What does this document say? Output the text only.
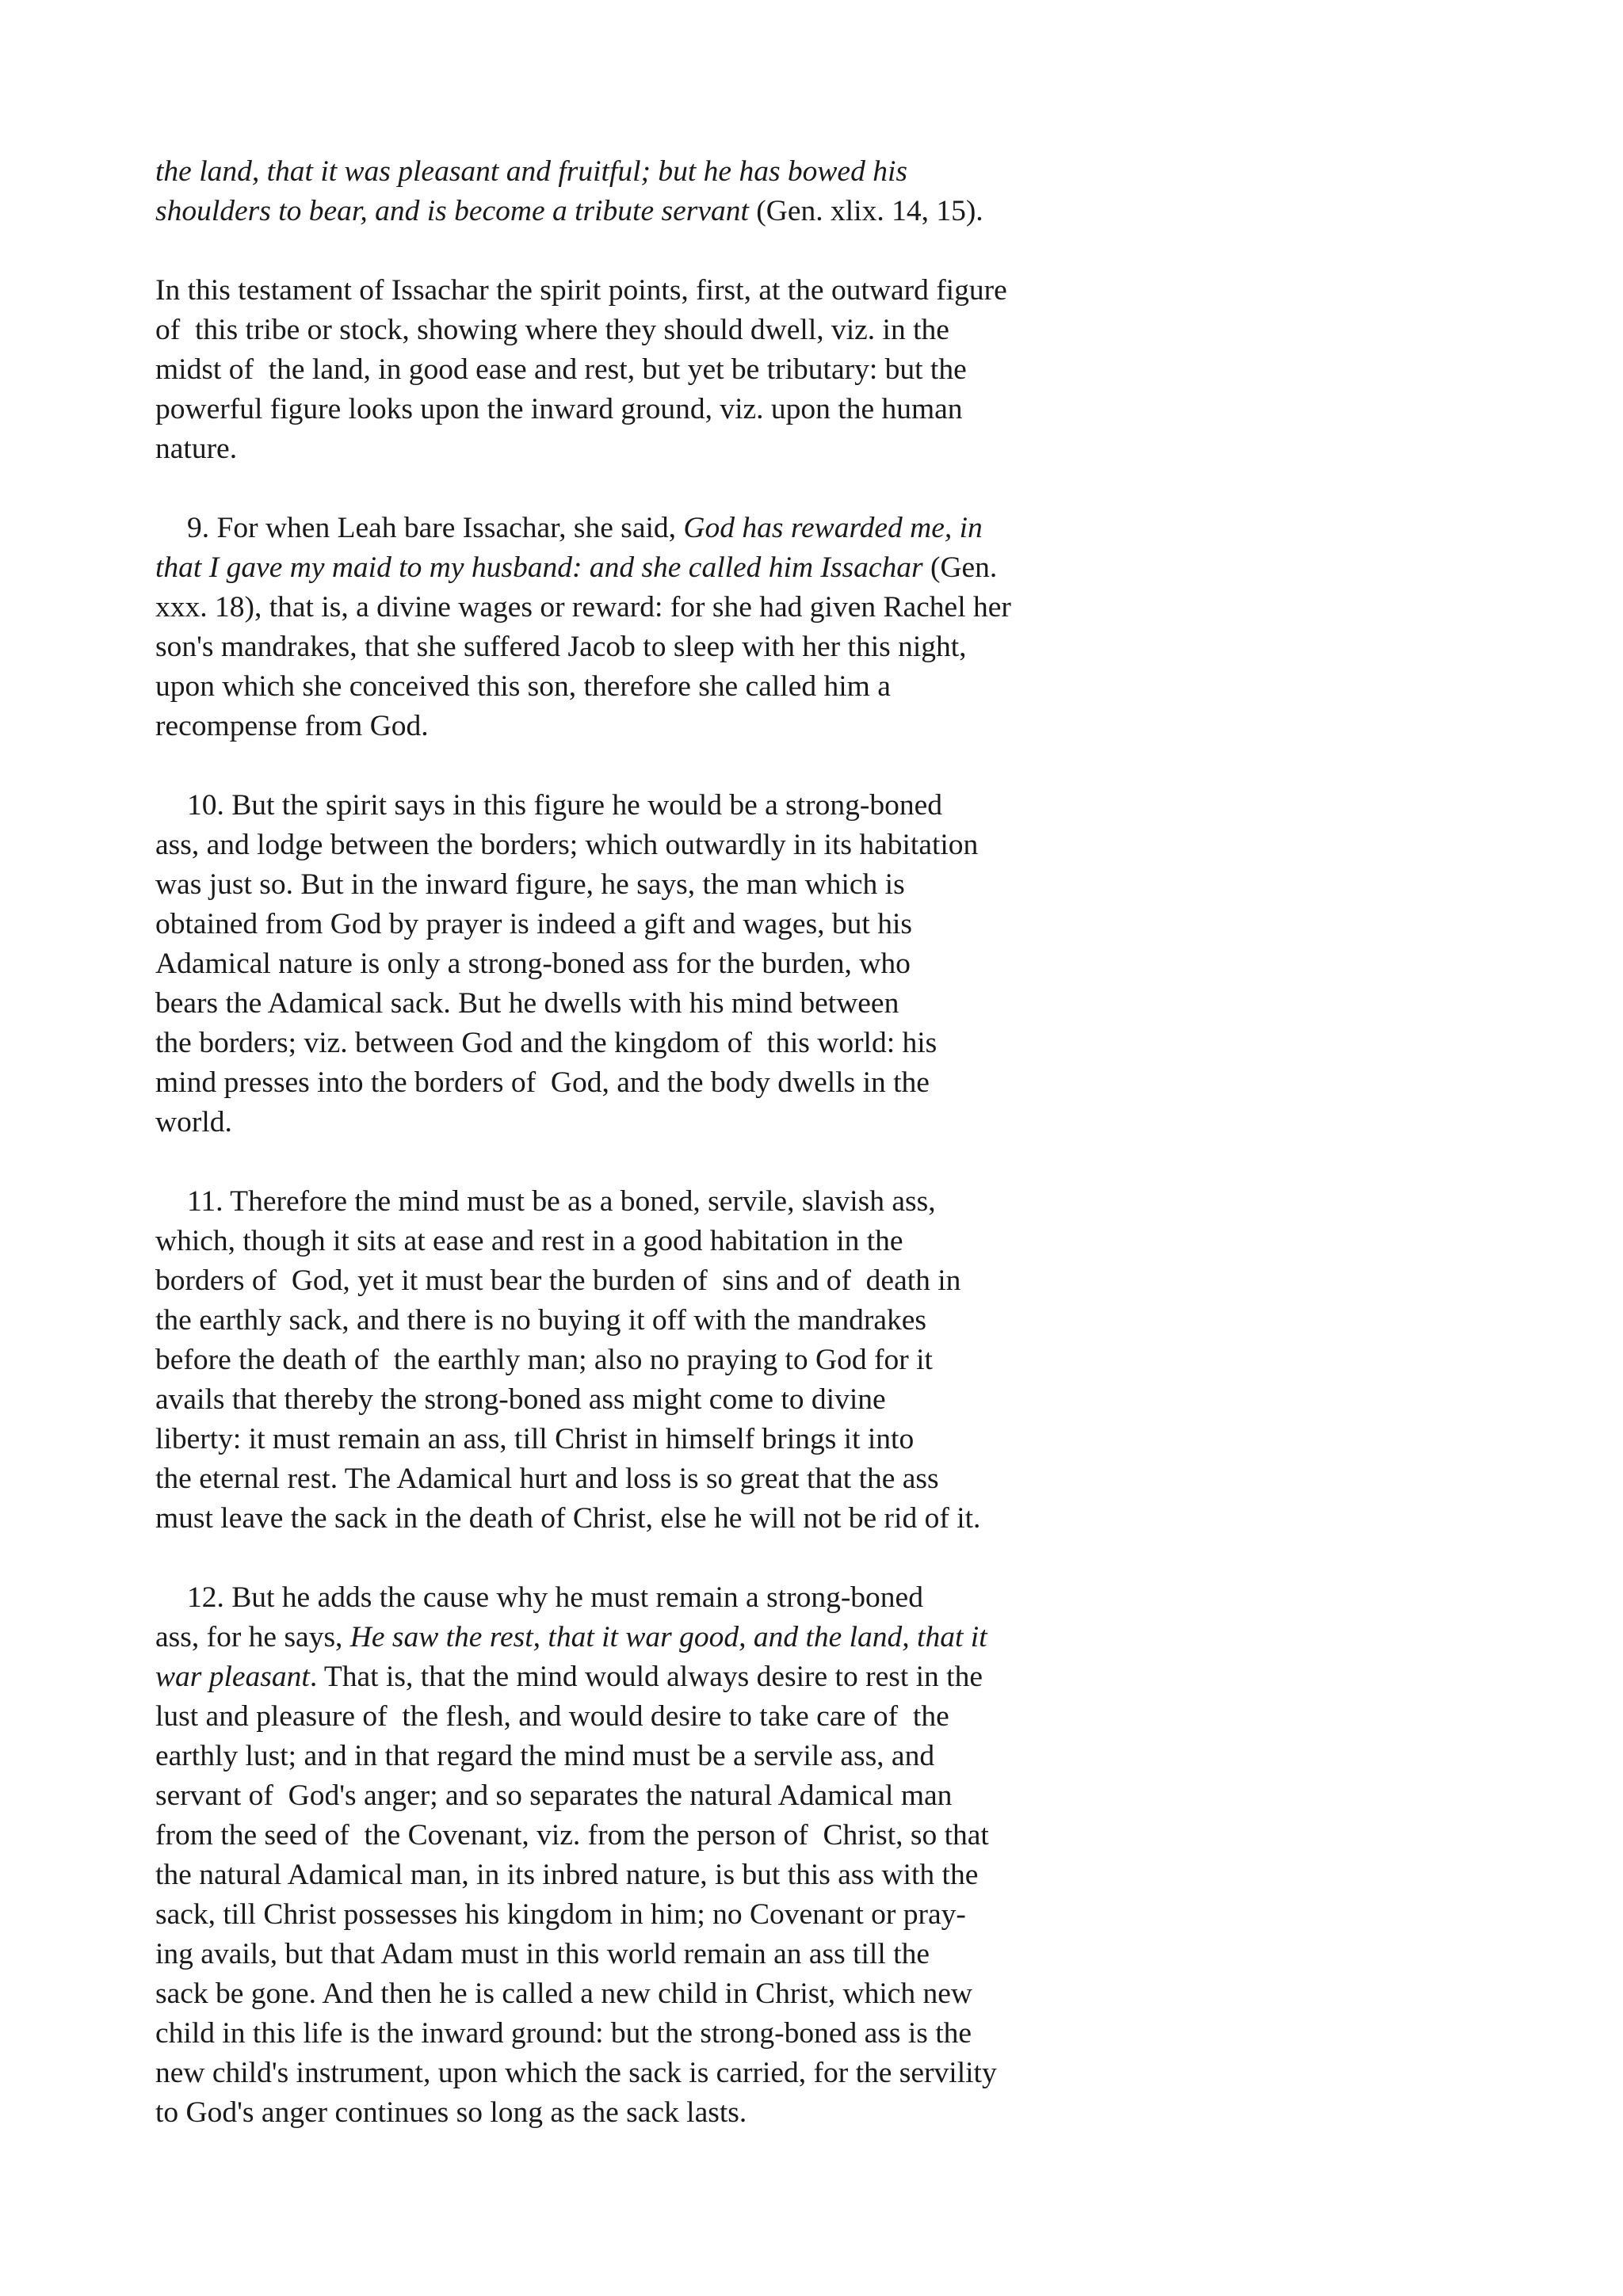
the land, that it was pleasant and fruitful; but he has bowed his
shoulders to bear, and is become a tribute servant (Gen. xlix. 14, 15).
In this testament of Issachar the spirit points, first, at the outward figure
of  this tribe or stock, showing where they should dwell, viz. in the
midst of  the land, in good ease and rest, but yet be tributary: but the
powerful figure looks upon the inward ground, viz. upon the human
nature.
9. For when Leah bare Issachar, she said, God has rewarded me, in
that I gave my maid to my husband: and she called him Issachar (Gen.
xxx. 18), that is, a divine wages or reward: for she had given Rachel her
son's mandrakes, that she suffered Jacob to sleep with her this night,
upon which she conceived this son, therefore she called him a
recompense from God.
10. But the spirit says in this figure he would be a strong-boned
ass, and lodge between the borders; which outwardly in its habitation
was just so. But in the inward figure, he says, the man which is
obtained from God by prayer is indeed a gift and wages, but his
Adamical nature is only a strong-boned ass for the burden, who
bears the Adamical sack. But he dwells with his mind between
the borders; viz. between God and the kingdom of  this world: his
mind presses into the borders of  God, and the body dwells in the
world.
11. Therefore the mind must be as a boned, servile, slavish ass,
which, though it sits at ease and rest in a good habitation in the
borders of  God, yet it must bear the burden of  sins and of  death in
the earthly sack, and there is no buying it off with the mandrakes
before the death of  the earthly man; also no praying to God for it
avails that thereby the strong-boned ass might come to divine
liberty: it must remain an ass, till Christ in himself brings it into
the eternal rest. The Adamical hurt and loss is so great that the ass
must leave the sack in the death of Christ, else he will not be rid of it.
12. But he adds the cause why he must remain a strong-boned
ass, for he says, He saw the rest, that it war good, and the land, that it
war pleasant. That is, that the mind would always desire to rest in the
lust and pleasure of  the flesh, and would desire to take care of  the
earthly lust; and in that regard the mind must be a servile ass, and
servant of  God's anger; and so separates the natural Adamical man
from the seed of  the Covenant, viz. from the person of  Christ, so that
the natural Adamical man, in its inbred nature, is but this ass with the
sack, till Christ possesses his kingdom in him; no Covenant or pray-
ing avails, but that Adam must in this world remain an ass till the
sack be gone. And then he is called a new child in Christ, which new
child in this life is the inward ground: but the strong-boned ass is the
new child's instrument, upon which the sack is carried, for the servility
to God's anger continues so long as the sack lasts.
